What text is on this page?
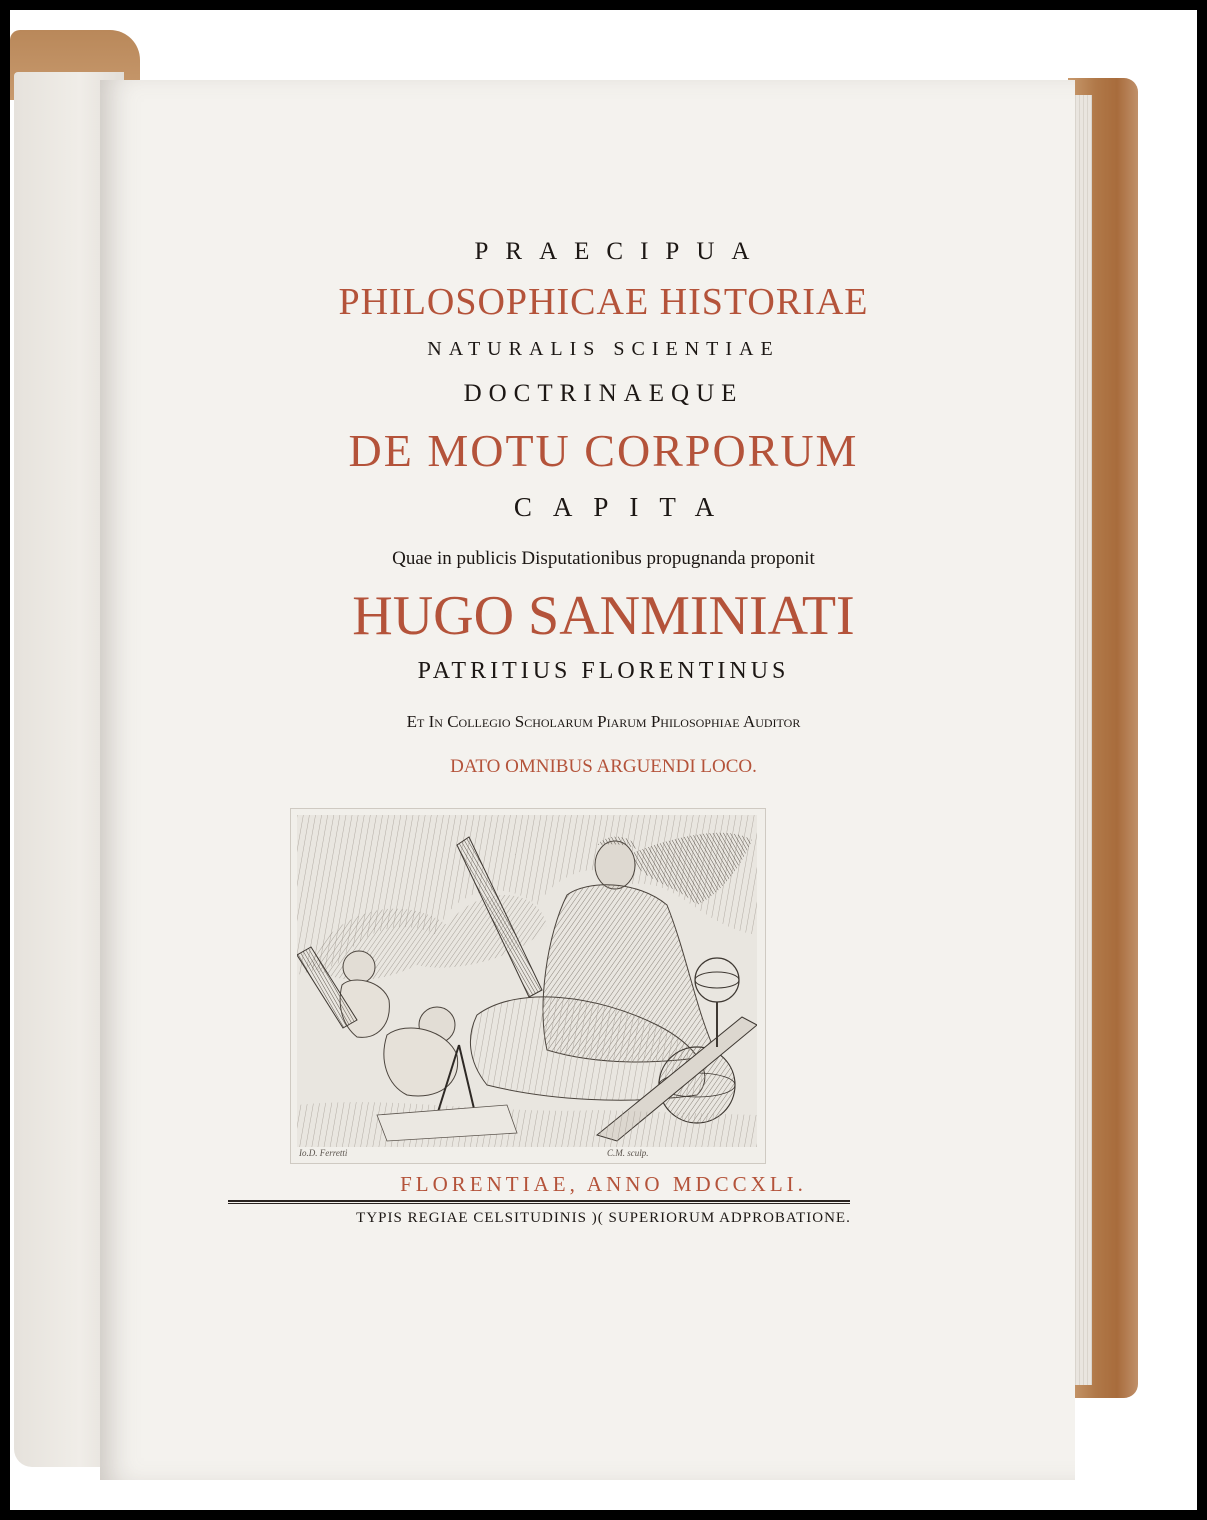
PRAECIPUA
PHILOSOPHICAE HISTORIAE
NATURALIS SCIENTIAE
DOCTRINAEQUE
DE MOTU CORPORUM
CAPITA
Quae in publicis Disputationibus propugnanda proponit
HUGO SANMINIATI
PATRITIUS FLORENTINUS
Et In Collegio Scholarum Piarum Philosophiae Auditor
DATO OMNIBUS ARGUENDI LOCO.
Io.D. Ferretti	C.M. sculp.
FLORENTIAE, ANNO MDCCXLI.
TYPIS REGIAE CELSITUDINIS )( SUPERIORUM ADPROBATIONE.
